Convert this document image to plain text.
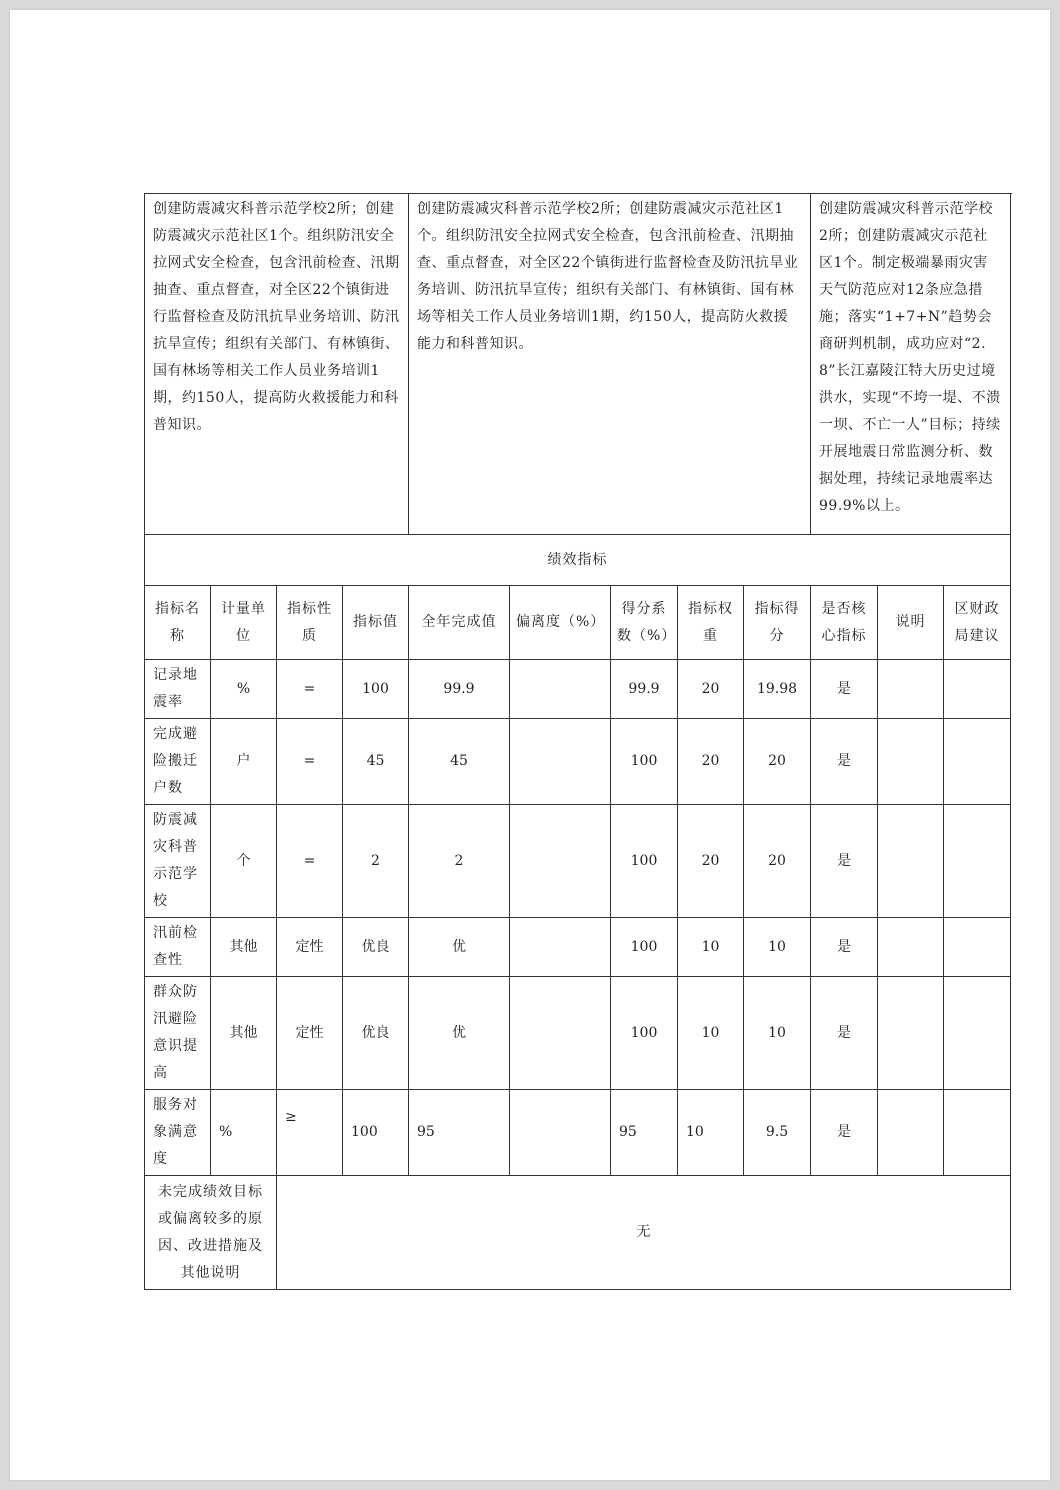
创建防震减灾科普示范学校2所；创建防震减灾示范社区1个。组织防汛安全拉网式安全检查，包含汛前检查、汛期抽查、重点督查，对全区22个镇街进行监督检查及防汛抗旱业务培训、防汛抗旱宣传；组织有关部门、有林镇街、国有林场等相关工作人员业务培训1期，约150人，提高防火救援能力和科普知识。				创建防震减灾科普示范学校2所；创建防震减灾示范社区1个。组织防汛安全拉网式安全检查，包含汛前检查、汛期抽查、重点督查，对全区22个镇街进行监督检查及防汛抗旱业务培训、防汛抗旱宣传；组织有关部门、有林镇街、国有林场等相关工作人员业务培训1期，约150人，提高防火救援能力和科普知识。					创建防震减灾科普示范学校2所；创建防震减灾示范社区1个。制定极端暴雨灾害天气防范应对12条应急措施；落实“1+7+N”趋势会商研判机制，成功应对“2.8”长江嘉陵江特大历史过境洪水，实现“不垮一堤、不溃一坝、不亡一人”目标；持续开展地震日常监测分析、数据处理，持续记录地震率达99.9%以上。		
绩效指标											
指标名称	计量单位	指标性质	指标值	全年完成值	偏离度（%）	得分系数（%）	指标权重	指标得分	是否核心指标	说明	区财政局建议
记录地震率	%	=	100	99.9		99.9	20	19.98	是		
完成避险搬迁户数	户	=	45	45		100	20	20	是		
防震减灾科普示范学校	个	=	2	2		100	20	20	是		
汛前检查性	其他	定性	优良	优		100	10	10	是		
群众防汛避险意识提高	其他	定性	优良	优		100	10	10	是		
服务对象满意度	%	≥	100	95		95	10	9.5	是		
未完成绩效目标或偏离较多的原因、改进措施及其他说明		无									
